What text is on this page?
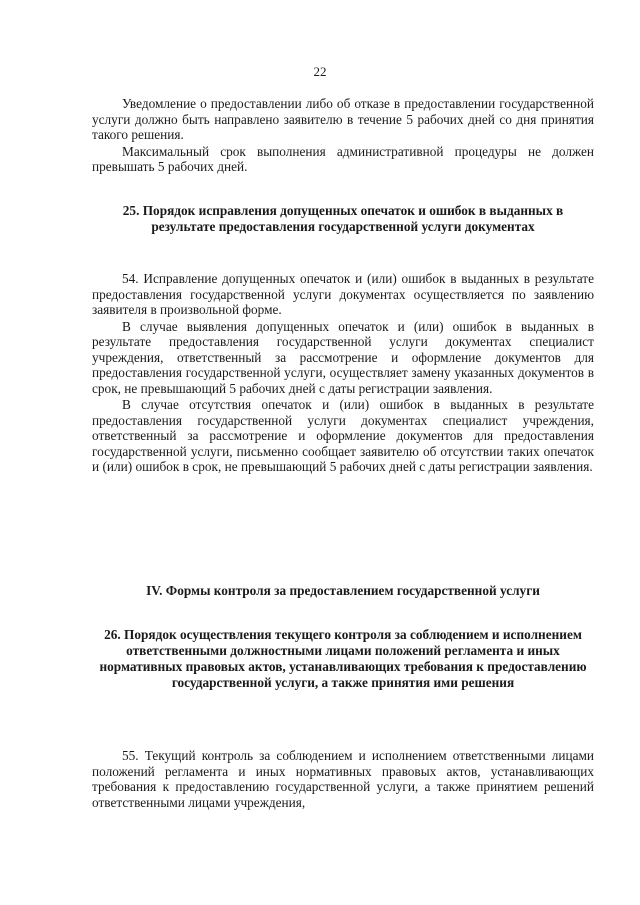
22

Уведомление о предоставлении либо об отказе в предоставлении государственной услуги должно быть направлено заявителю в течение 5 рабочих дней со дня принятия такого решения.

Максимальный срок выполнения административной процедуры не должен превышать 5 рабочих дней.

25. Порядок исправления допущенных опечаток и ошибок в выданных в результате предоставления государственной услуги документах

54. Исправление допущенных опечаток и (или) ошибок в выданных в результате предоставления государственной услуги документах осуществляется по заявлению заявителя в произвольной форме.

В случае выявления допущенных опечаток и (или) ошибок в выданных в результате предоставления государственной услуги документах специалист учреждения, ответственный за рассмотрение и оформление документов для предоставления государственной услуги, осуществляет замену указанных документов в срок, не превышающий 5 рабочих дней с даты регистрации заявления.

В случае отсутствия опечаток и (или) ошибок в выданных в результате предоставления государственной услуги документах специалист учреждения, ответственный за рассмотрение и оформление документов для предоставления государственной услуги, письменно сообщает заявителю об отсутствии таких опечаток и (или) ошибок в срок, не превышающий 5 рабочих дней с даты регистрации заявления.

IV. Формы контроля за предоставлением государственной услуги

26. Порядок осуществления текущего контроля за соблюдением и исполнением ответственными должностными лицами положений регламента и иных нормативных правовых актов, устанавливающих требования к предоставлению государственной услуги, а также принятия ими решения

55. Текущий контроль за соблюдением и исполнением ответственными лицами положений регламента и иных нормативных правовых актов, устанавливающих требования к предоставлению государственной услуги, а также принятием решений ответственными лицами учреждения,
